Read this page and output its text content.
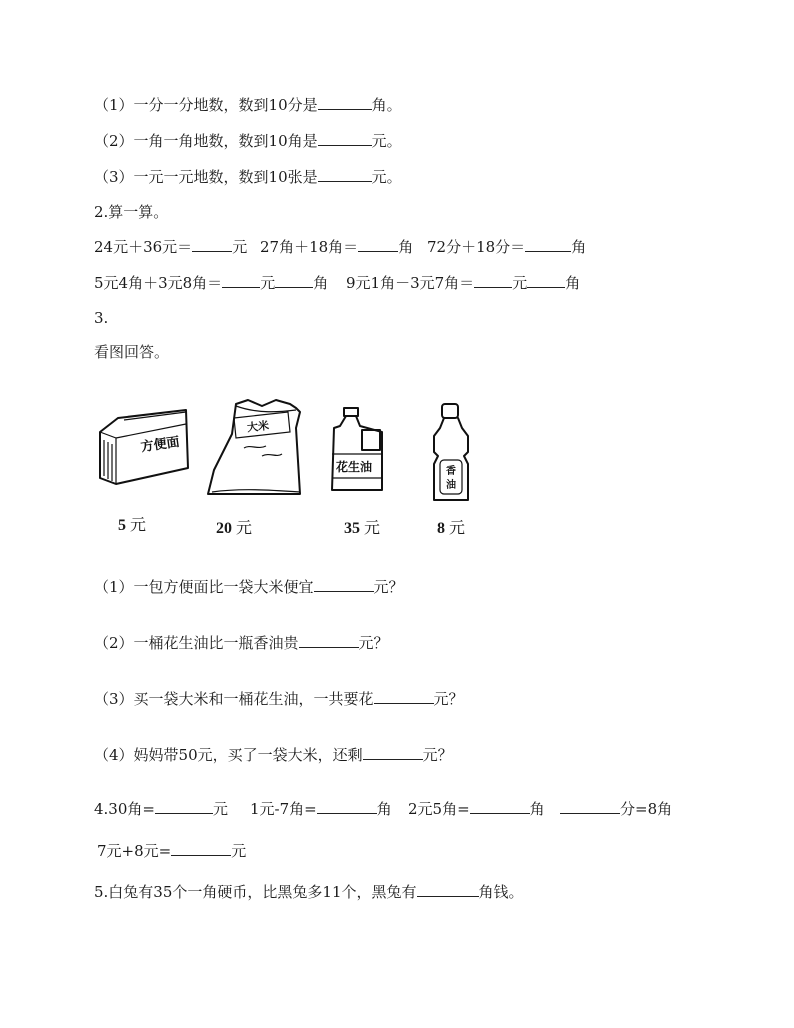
（1）一分一分地数，数到10分是	角。
（2）一角一角地数，数到10角是	元。
（3）一元一元地数，数到10张是	元。
2.算一算。
24元＋36元＝	元 27角＋18角＝	角 72分＋18分＝	角
5元4角＋3元8角＝	元	角 9元1角－3元7角＝	元	角
3.
看图回答。
方便面
大米
花生油	香
油
5 元	20 元	35 元	8 元
（1）一包方便面比一袋大米便宜	元？
（2）一桶花生油比一瓶香油贵	元？
（3）买一袋大米和一桶花生油，一共要花	元？
（4）妈妈带50元，买了一袋大米，还剩	元？
4.30角=	元 1元-7角=	角 2元5角=	角	分=8角
7元+8元=	元
5.白兔有35个一角硬币，比黑兔多11个，黑兔有	角钱。
